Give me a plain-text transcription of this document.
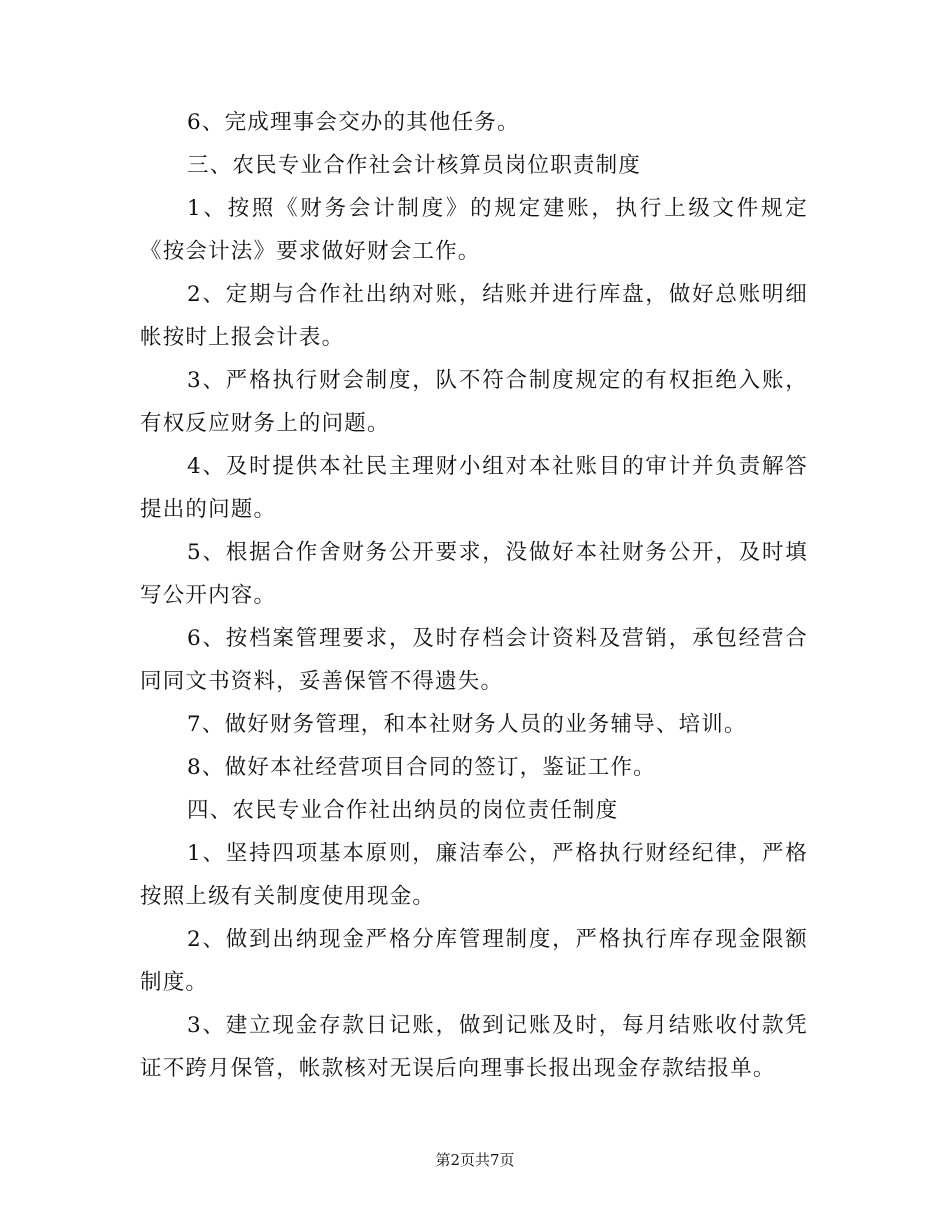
6、完成理事会交办的其他任务。

三、农民专业合作社会计核算员岗位职责制度

1、按照《财务会计制度》的规定建账，执行上级文件规定《按会计法》要求做好财会工作。

2、定期与合作社出纳对账，结账并进行库盘，做好总账明细帐按时上报会计表。

3、严格执行财会制度，队不符合制度规定的有权拒绝入账，有权反应财务上的问题。

4、及时提供本社民主理财小组对本社账目的审计并负责解答提出的问题。

5、根据合作舍财务公开要求，没做好本社财务公开，及时填写公开内容。

6、按档案管理要求，及时存档会计资料及营销，承包经营合同同文书资料，妥善保管不得遗失。

7、做好财务管理，和本社财务人员的业务辅导、培训。

8、做好本社经营项目合同的签订，鉴证工作。

四、农民专业合作社出纳员的岗位责任制度

1、坚持四项基本原则，廉洁奉公，严格执行财经纪律，严格按照上级有关制度使用现金。

2、做到出纳现金严格分库管理制度，严格执行库存现金限额制度。

3、建立现金存款日记账，做到记账及时，每月结账收付款凭证不跨月保管，帐款核对无误后向理事长报出现金存款结报单。

第2页共7页
